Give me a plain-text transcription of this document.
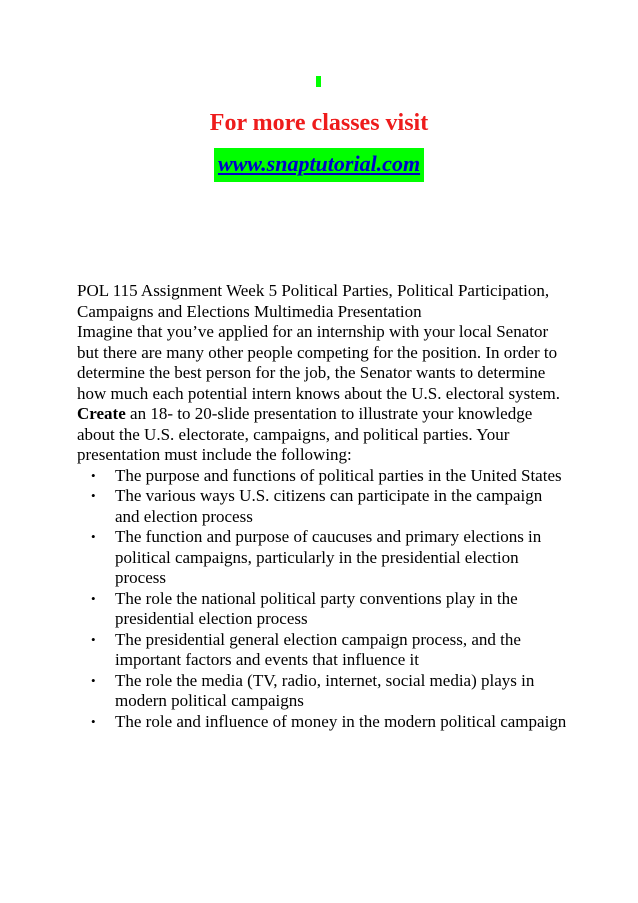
For more classes visit
www.snaptutorial.com

POL 115 Assignment Week 5 Political Parties, Political Participation, Campaigns and Elections Multimedia Presentation

Imagine that you’ve applied for an internship with your local Senator but there are many other people competing for the position. In order to determine the best person for the job, the Senator wants to determine how much each potential intern knows about the U.S. electoral system.

Create an 18- to 20-slide presentation to illustrate your knowledge about the U.S. electorate, campaigns, and political parties. Your presentation must include the following:

• The purpose and functions of political parties in the United States
• The various ways U.S. citizens can participate in the campaign and election process
• The function and purpose of caucuses and primary elections in political campaigns, particularly in the presidential election process
• The role the national political party conventions play in the presidential election process
• The presidential general election campaign process, and the important factors and events that influence it
• The role the media (TV, radio, internet, social media) plays in modern political campaigns
• The role and influence of money in the modern political campaign
